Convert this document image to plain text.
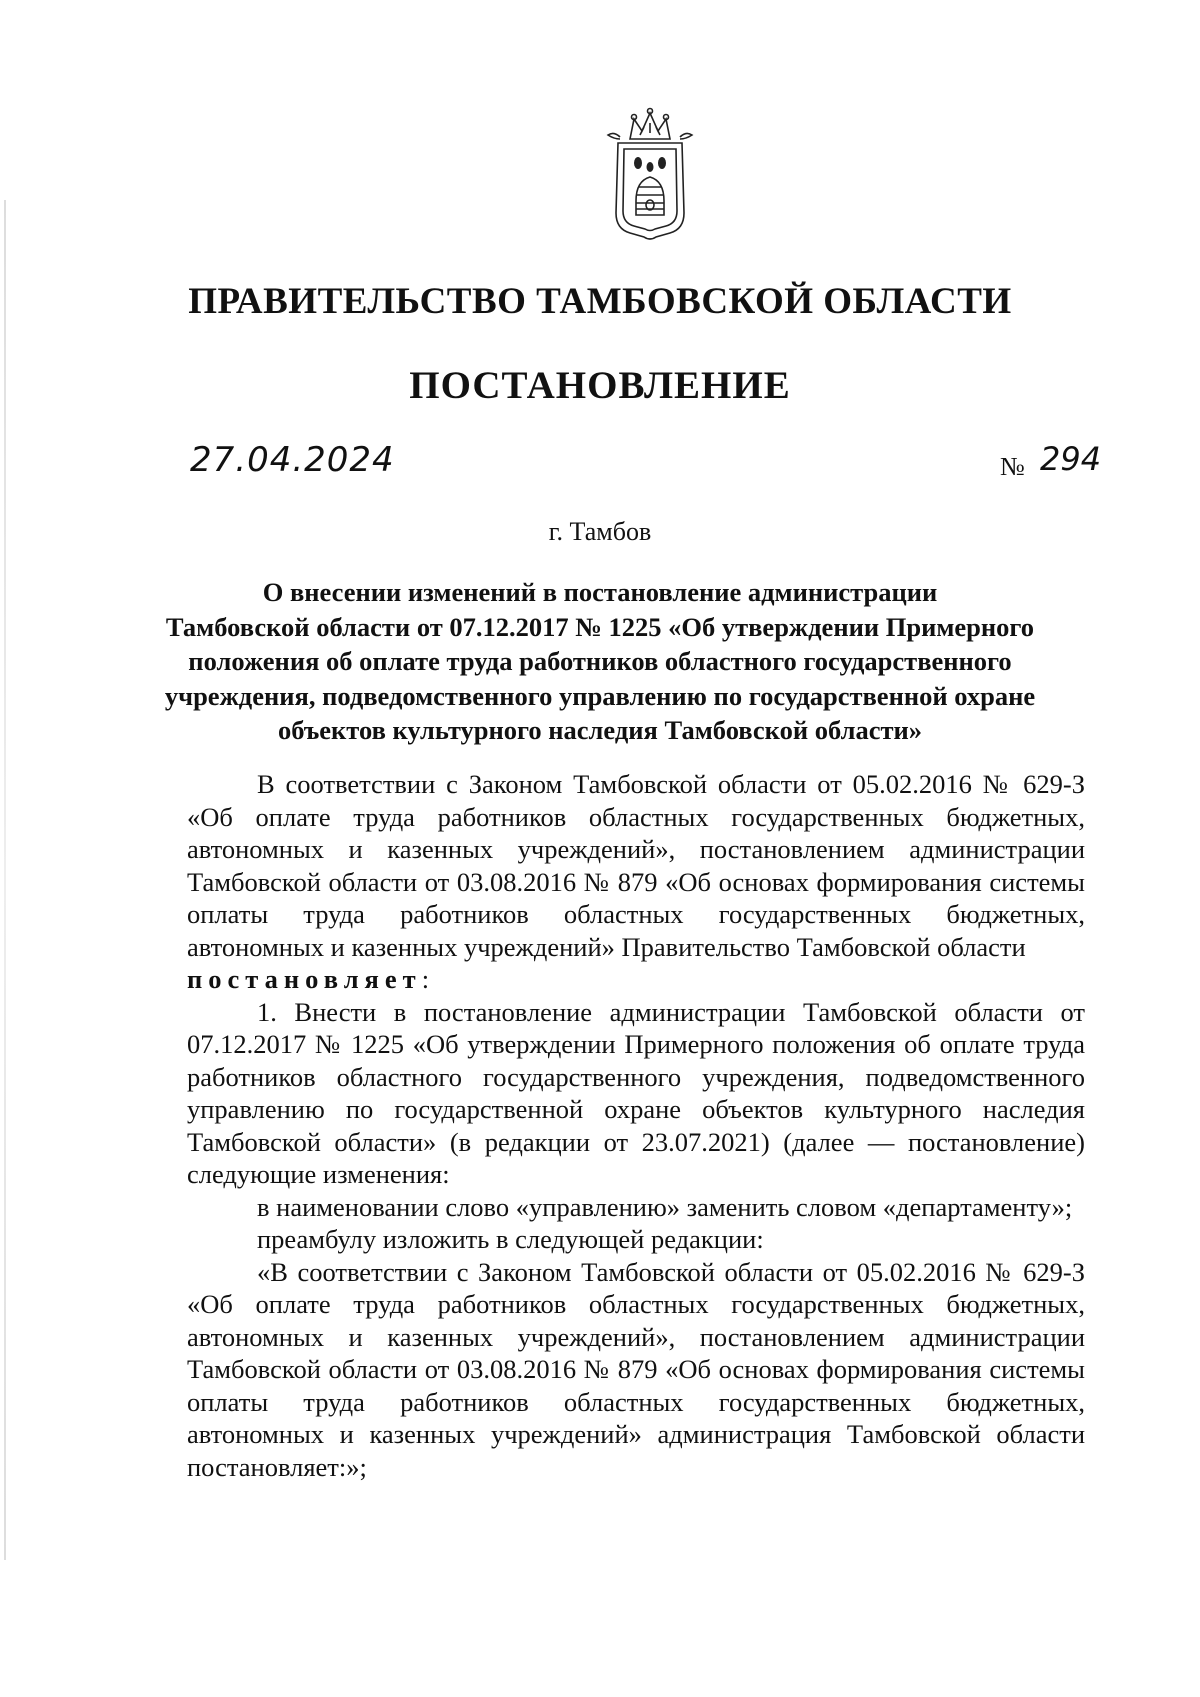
ПРАВИТЕЛЬСТВО ТАМБОВСКОЙ ОБЛАСТИ
ПОСТАНОВЛЕНИЕ
27.04.2024	№ 294
г. Тамбов
О внесении изменений в постановление администрации
Тамбовской области от 07.12.2017 № 1225 «Об утверждении Примерного
положения об оплате труда работников областного государственного
учреждения, подведомственного управлению по государственной охране
объектов культурного наследия Тамбовской области»

В соответствии с Законом Тамбовской области от 05.02.2016 № 629-З «Об оплате труда работников областных государственных бюджетных, автономных и казенных учреждений», постановлением администрации Тамбовской области от 03.08.2016 № 879 «Об основах формирования системы оплаты труда работников областных государственных бюджетных, автономных и казенных учреждений» Правительство Тамбовской области

постановляет:

1. Внести в постановление администрации Тамбовской области от 07.12.2017 № 1225 «Об утверждении Примерного положения об оплате труда работников областного государственного учреждения, подведомственного управлению по государственной охране объектов культурного наследия Тамбовской области» (в редакции от 23.07.2021) (далее — постановление) следующие изменения:

в наименовании слово «управлению» заменить словом «департаменту»;

преамбулу изложить в следующей редакции:

«В соответствии с Законом Тамбовской области от 05.02.2016 № 629-З «Об оплате труда работников областных государственных бюджетных, автономных и казенных учреждений», постановлением администрации Тамбовской области от 03.08.2016 № 879 «Об основах формирования системы оплаты труда работников областных государственных бюджетных, автономных и казенных учреждений» администрация Тамбовской области постановляет:»;
